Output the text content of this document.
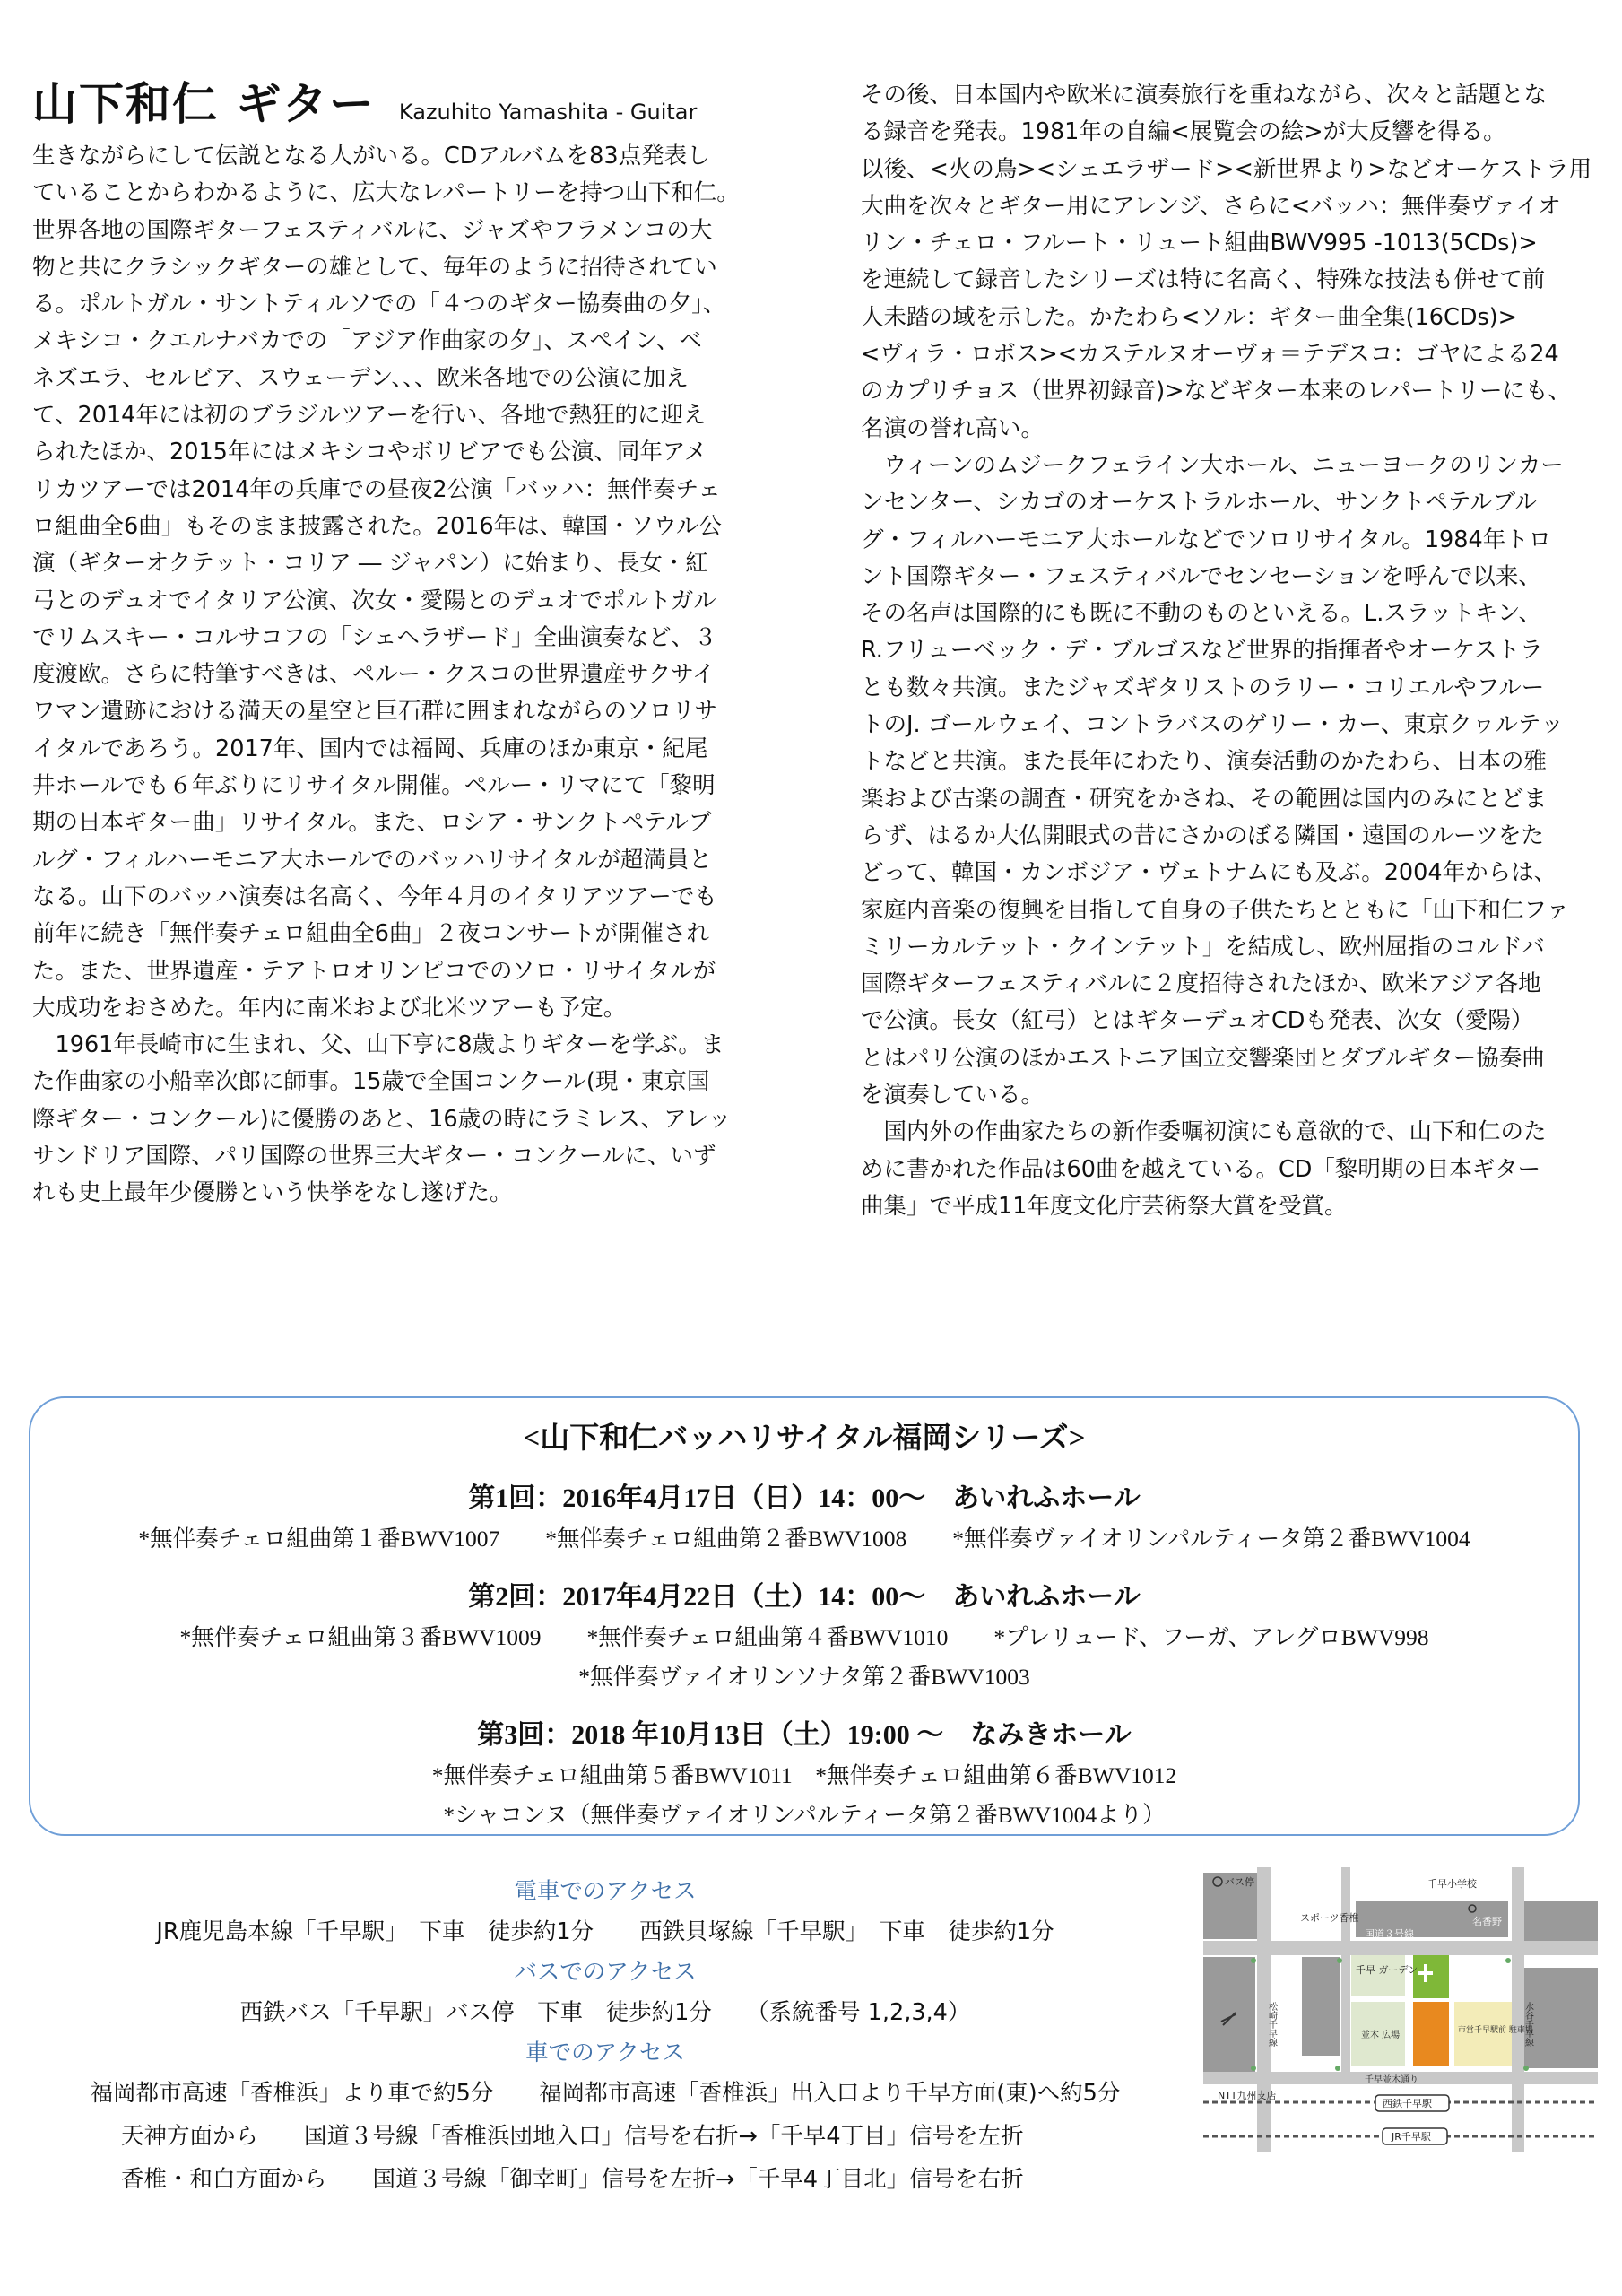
山下和仁 ギター Kazuhito Yamashita - Guitar

生きながらにして伝説となる人がいる。CDアルバムを83点発表し
ていることからわかるように、広大なレパートリーを持つ山下和仁。
世界各地の国際ギターフェスティバルに、ジャズやフラメンコの大
物と共にクラシックギターの雄として、毎年のように招待されてい
る。ポルトガル・サントティルソでの「４つのギター協奏曲の夕」、
メキシコ・クエルナバカでの「アジア作曲家の夕」、スペイン、ベ
ネズエラ、セルビア、スウェーデン、、、欧米各地での公演に加え
て、2014年には初のブラジルツアーを行い、各地で熱狂的に迎え
られたほか、2015年にはメキシコやボリビアでも公演、同年アメ
リカツアーでは2014年の兵庫での昼夜2公演「バッハ：無伴奏チェ
ロ組曲全6曲」もそのまま披露された。2016年は、韓国・ソウル公
演（ギターオクテット・コリア ― ジャパン）に始まり、長女・紅
弓とのデュオでイタリア公演、次女・愛陽とのデュオでポルトガル
でリムスキー・コルサコフの「シェヘラザード」全曲演奏など、３
度渡欧。さらに特筆すべきは、ペルー・クスコの世界遺産サクサイ
ワマン遺跡における満天の星空と巨石群に囲まれながらのソロリサ
イタルであろう。2017年、国内では福岡、兵庫のほか東京・紀尾
井ホールでも６年ぶりにリサイタル開催。ペルー・リマにて「黎明
期の日本ギター曲」リサイタル。また、ロシア・サンクトペテルブ
ルグ・フィルハーモニア大ホールでのバッハリサイタルが超満員と
なる。山下のバッハ演奏は名高く、今年４月のイタリアツアーでも
前年に続き「無伴奏チェロ組曲全6曲」２夜コンサートが開催され
た。また、世界遺産・テアトロオリンピコでのソロ・リサイタルが
大成功をおさめた。年内に南米および北米ツアーも予定。

1961年長崎市に生まれ、父、山下亨に8歳よりギターを学ぶ。ま
た作曲家の小船幸次郎に師事。15歳で全国コンクール(現・東京国
際ギター・コンクール)に優勝のあと、16歳の時にラミレス、アレッ
サンドリア国際、パリ国際の世界三大ギター・コンクールに、いず
れも史上最年少優勝という快挙をなし遂げた。

その後、日本国内や欧米に演奏旅行を重ねながら、次々と話題とな
る録音を発表。1981年の自編<展覧会の絵>が大反響を得る。
以後、<火の鳥><シェエラザード><新世界より>などオーケストラ用
大曲を次々とギター用にアレンジ、さらに<バッハ：無伴奏ヴァイオ
リン・チェロ・フルート・リュート組曲BWV995 -1013(5CDs)>
を連続して録音したシリーズは特に名高く、特殊な技法も併せて前
人未踏の域を示した。かたわら<ソル：ギター曲全集(16CDs)>
<ヴィラ・ロボス><カステルヌオーヴォ＝テデスコ：ゴヤによる24
のカプリチョス（世界初録音)>などギター本来のレパートリーにも、
名演の誉れ高い。

ウィーンのムジークフェライン大ホール、ニューヨークのリンカー
ンセンター、シカゴのオーケストラルホール、サンクトペテルブル
グ・フィルハーモニア大ホールなどでソロリサイタル。1984年トロ
ント国際ギター・フェスティバルでセンセーションを呼んで以来、
その名声は国際的にも既に不動のものといえる。L.スラットキン、
R.フリューベック・デ・ブルゴスなど世界的指揮者やオーケストラ
とも数々共演。またジャズギタリストのラリー・コリエルやフルー
トのJ. ゴールウェイ、コントラバスのゲリー・カー、東京クヮルテッ
トなどと共演。また長年にわたり、演奏活動のかたわら、日本の雅
楽および古楽の調査・研究をかさね、その範囲は国内のみにとどま
らず、はるか大仏開眼式の昔にさかのぼる隣国・遠国のルーツをた
どって、韓国・カンボジア・ヴェトナムにも及ぶ。2004年からは、
家庭内音楽の復興を目指して自身の子供たちとともに「山下和仁ファ
ミリーカルテット・クインテット」を結成し、欧州屈指のコルドバ
国際ギターフェスティバルに２度招待されたほか、欧米アジア各地
で公演。長女（紅弓）とはギターデュオCDも発表、次女（愛陽）
とはパリ公演のほかエストニア国立交響楽団とダブルギター協奏曲
を演奏している。

国内外の作曲家たちの新作委嘱初演にも意欲的で、山下和仁のた
めに書かれた作品は60曲を越えている。CD「黎明期の日本ギター
曲集」で平成11年度文化庁芸術祭大賞を受賞。

<山下和仁バッハリサイタル福岡シリーズ>
第1回：2016年4月17日（日）14：00～　あいれふホール
*無伴奏チェロ組曲第１番BWV1007　　*無伴奏チェロ組曲第２番BWV1008　　*無伴奏ヴァイオリンパルティータ第２番BWV1004
第2回：2017年4月22日（土）14：00～　あいれふホール
*無伴奏チェロ組曲第３番BWV1009　　*無伴奏チェロ組曲第４番BWV1010　　*プレリュード、フーガ、アレグロBWV998
*無伴奏ヴァイオリンソナタ第２番BWV1003
第3回：2018 年10月13日（土）19:00 ～　なみきホール
*無伴奏チェロ組曲第５番BWV1011　*無伴奏チェロ組曲第６番BWV1012
*シャコンヌ（無伴奏ヴァイオリンパルティータ第２番BWV1004より）
電車でのアクセス
JR鹿児島本線「千早駅」　下車　徒歩約1分　　西鉄貝塚線「千早駅」　下車　徒歩約1分
バスでのアクセス
西鉄バス「千早駅」バス停　下車　徒歩約1分　　（系統番号 1,2,3,4）
車でのアクセス
福岡都市高速「香椎浜」より車で約5分　　福岡都市高速「香椎浜」出入口より千早方面(東)へ約5分
天神方面から　　国道３号線「香椎浜団地入口」信号を右折→「千早4丁目」信号を左折
香椎・和白方面から　　国道３号線「御幸町」信号を左折→「千早4丁目北」信号を右折
バス停	千早小学校
スポーツ香椎
国道３号線
名香野
千早 ガーデン
並木 広場	市営千早駅前 駐車場
千早並木通り
NTT九州支店
西鉄千早駅
JR千早駅
松崎千早線	水谷千早線
